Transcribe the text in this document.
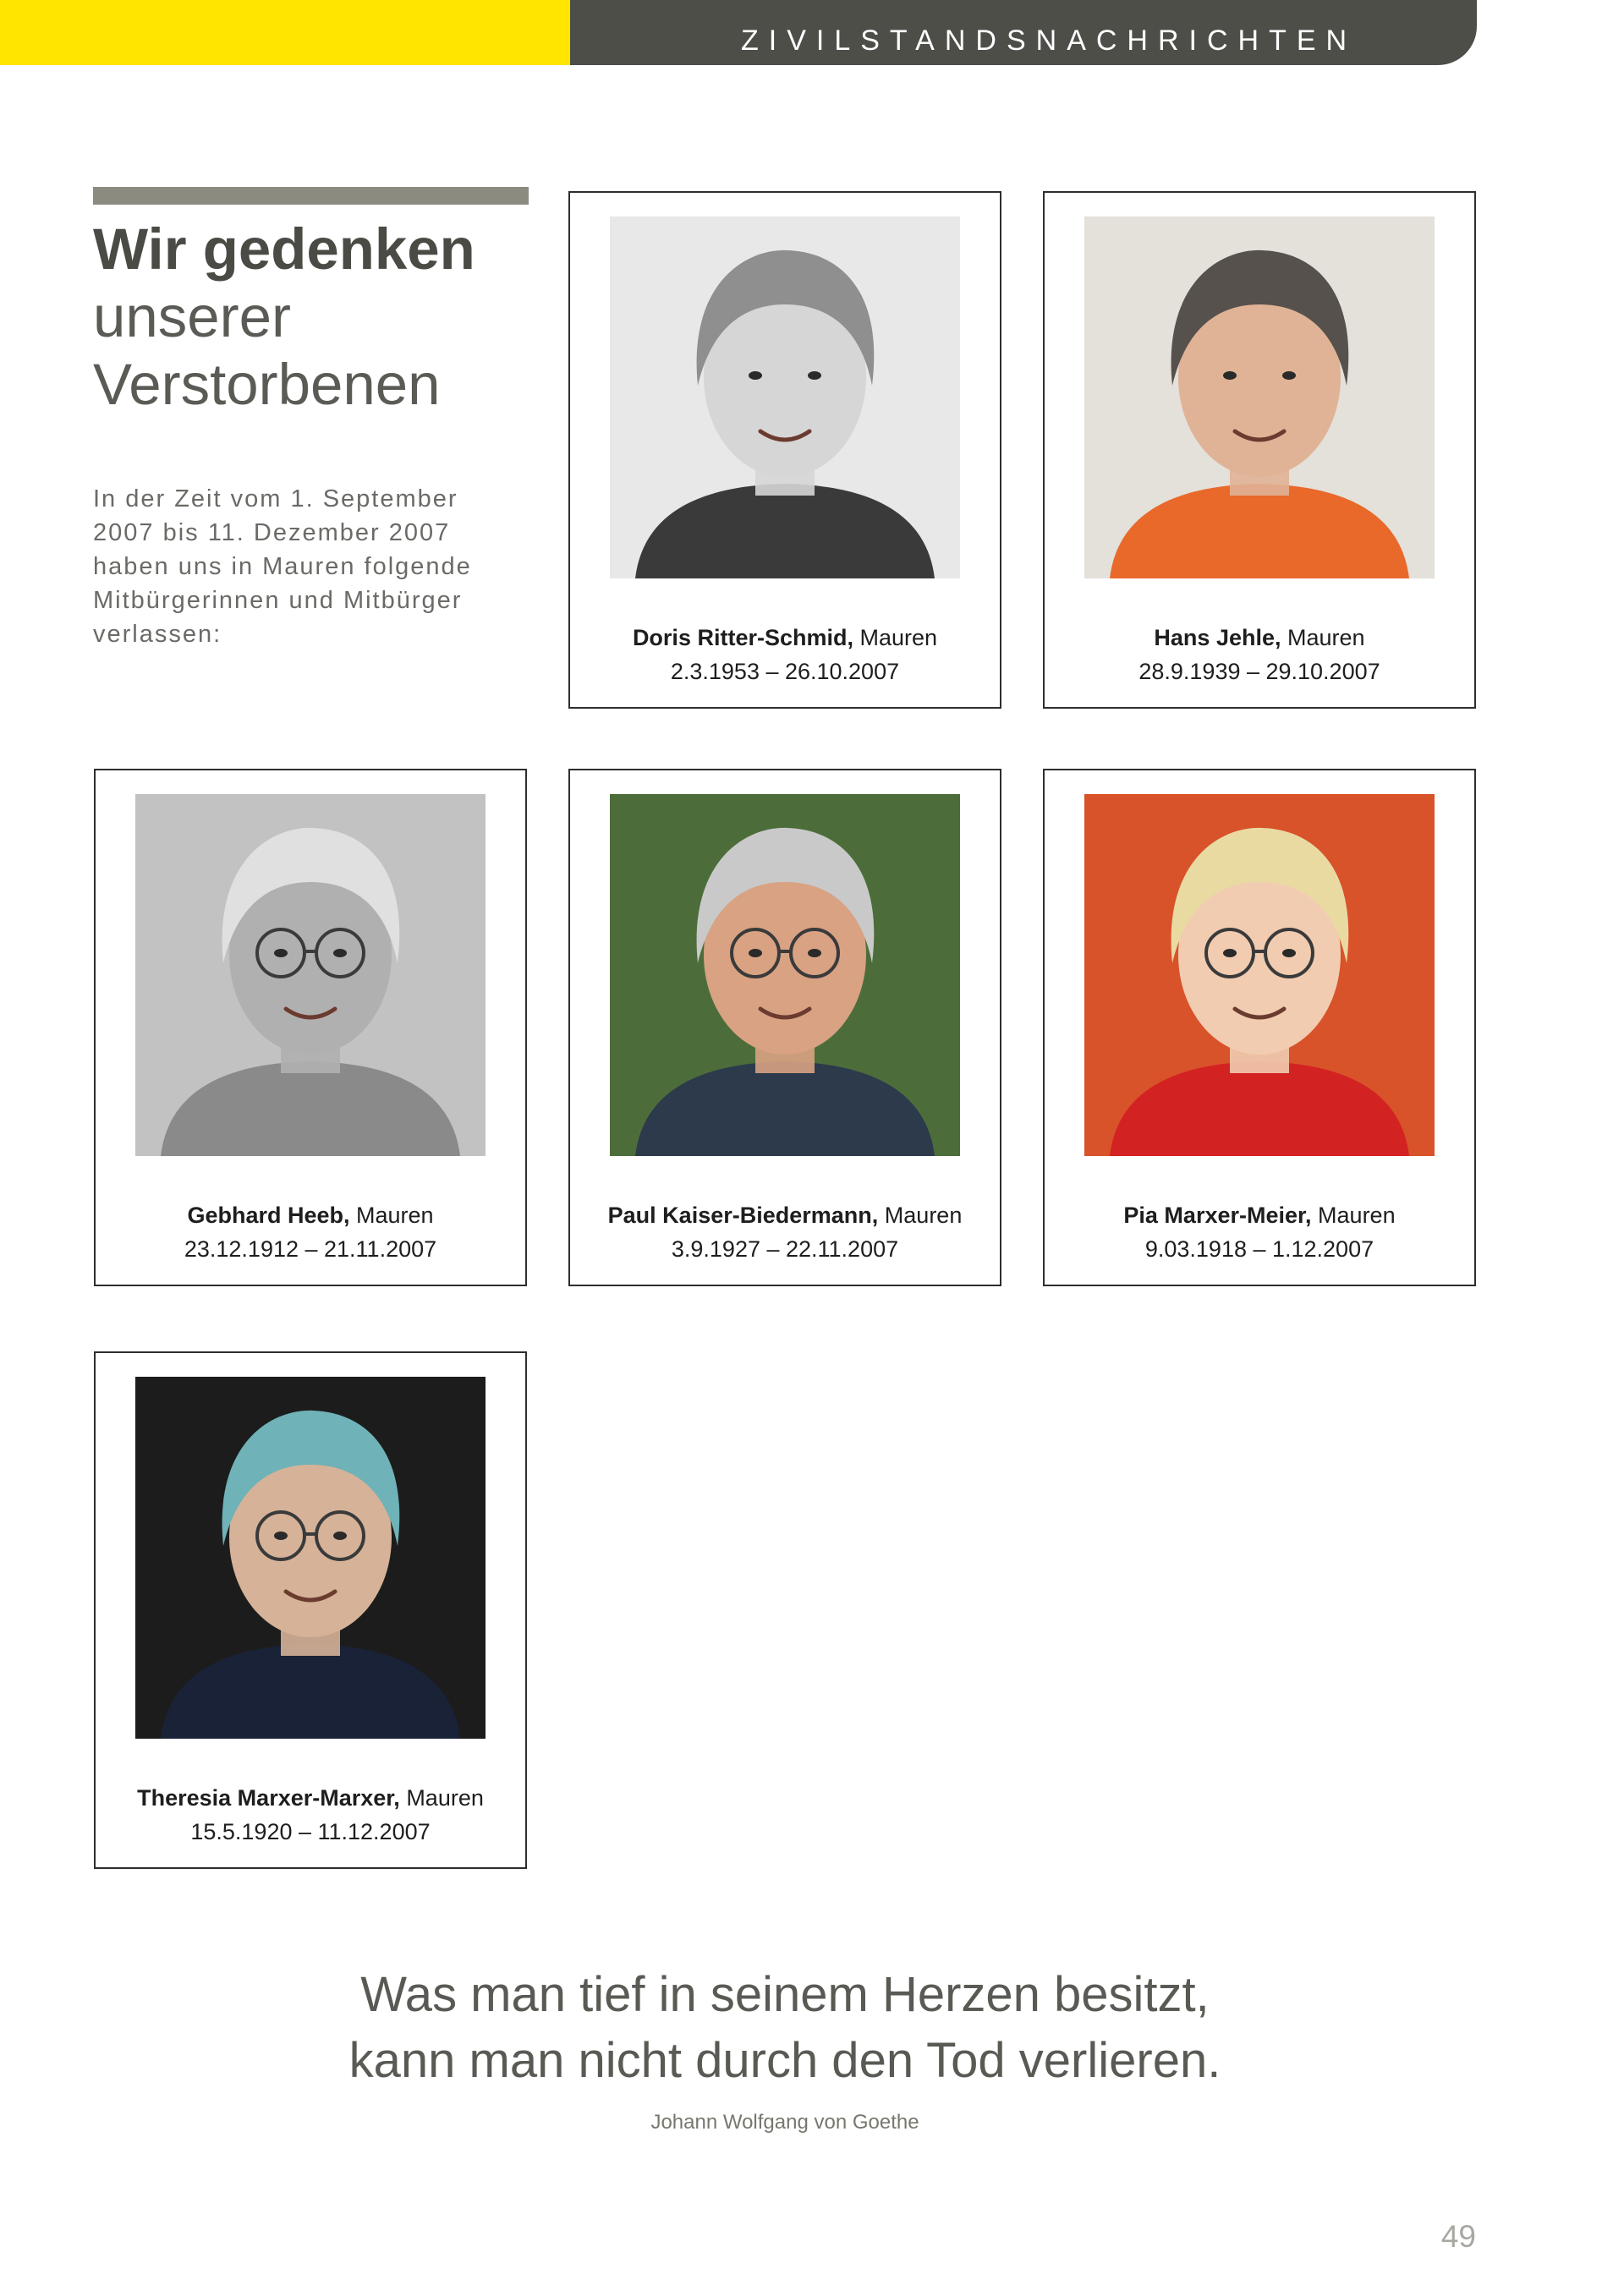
ZIVILSTANDSNACHRICHTEN
Wir gedenken
unserer
Verstorbenen
In der Zeit vom 1. September
2007 bis 11. Dezember 2007
haben uns in Mauren folgende
Mitbürgerinnen und Mitbürger
verlassen:	Doris Ritter-Schmid, Mauren
2.3.1953 – 26.10.2007
Hans Jehle, Mauren
28.9.1939 – 29.10.2007
Gebhard Heeb, Mauren
23.12.1912 – 21.11.2007
Paul Kaiser-Biedermann, Mauren
3.9.1927 – 22.11.2007
Pia Marxer-Meier, Mauren
9.03.1918 – 1.12.2007
Theresia Marxer-Marxer, Mauren
15.5.1920 – 11.12.2007
Was man tief in seinem Herzen besitzt,
kann man nicht durch den Tod verlieren.
Johann Wolfgang von Goethe
49
